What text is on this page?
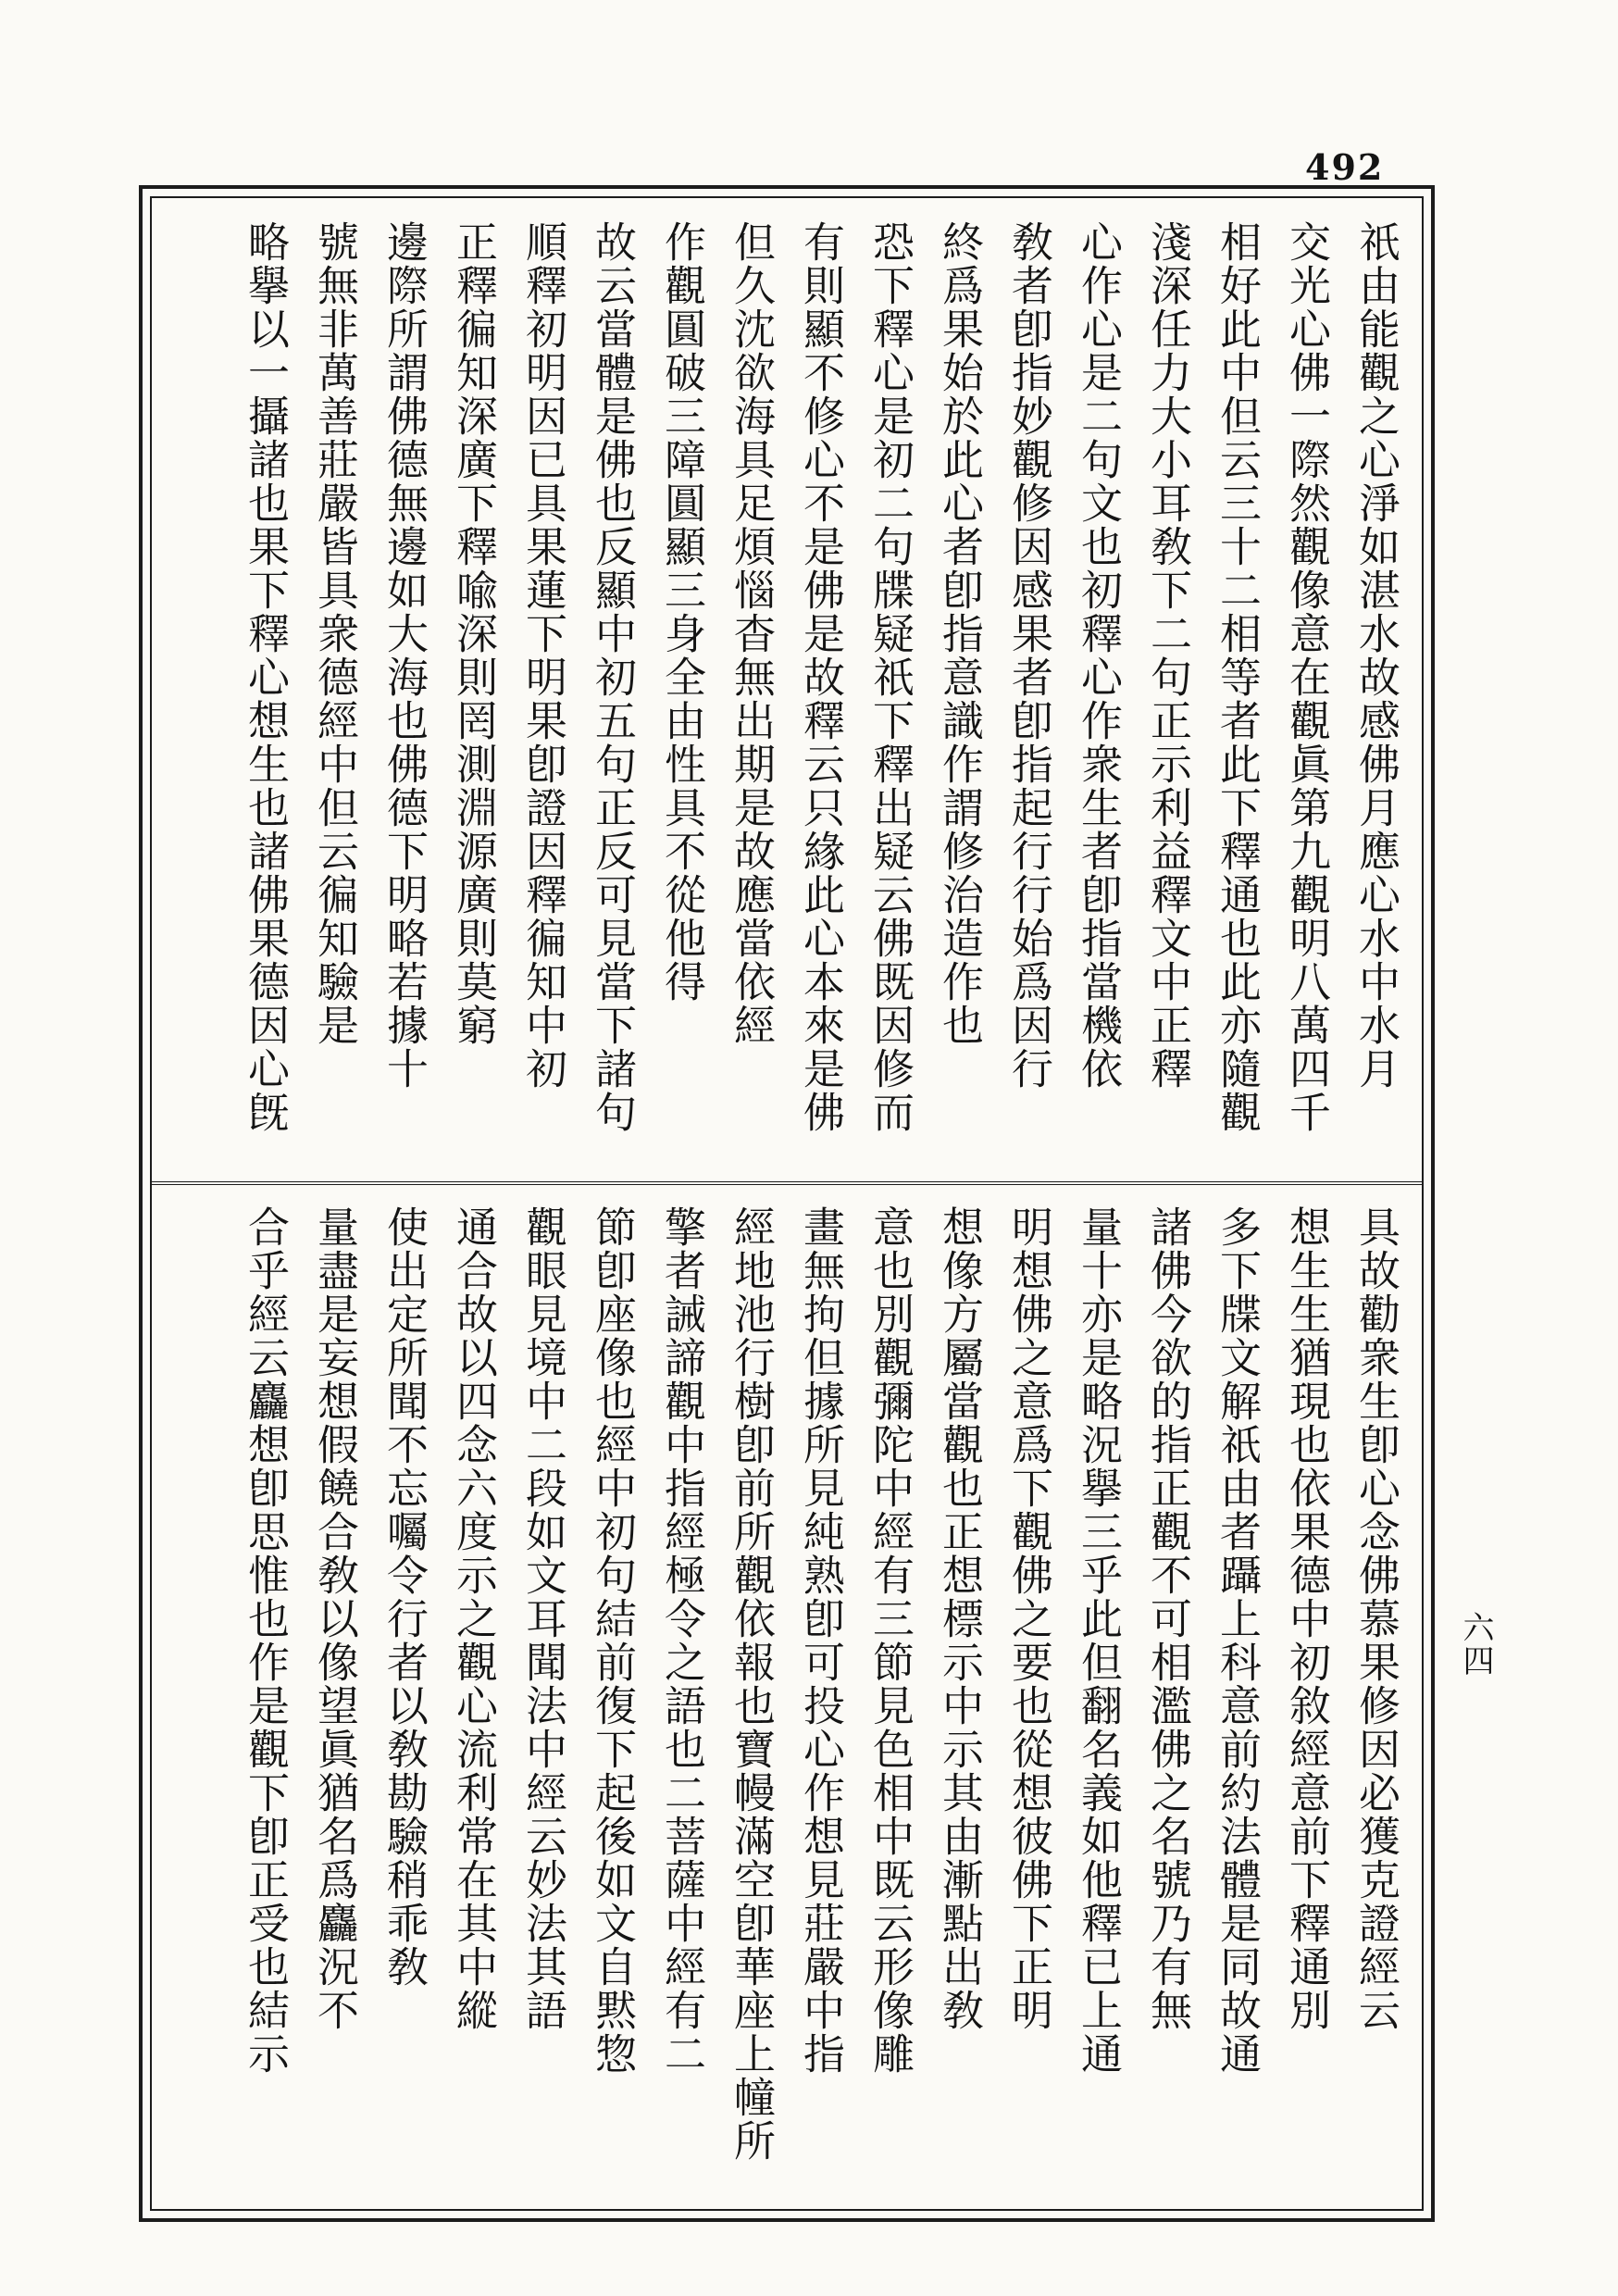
492
祇由能觀之心淨如湛水故感佛月應心水中水月
交光心佛一際然觀像意在觀眞第九觀明八萬四千
相好此中但云三十二相等者此下釋通也此亦隨觀
淺深任力大小耳敎下二句正示利益釋文中正釋
心作心是二句文也初釋心作衆生者卽指當機依
敎者卽指妙觀修因感果者卽指起行行始爲因行
終爲果始於此心者卽指意識作謂修治造作也
恐下釋心是初二句牒疑祇下釋出疑云佛既因修而
有則顯不修心不是佛是故釋云只緣此心本來是佛
但久沈欲海具足煩惱杳無出期是故應當依經
作觀圓破三障圓顯三身全由性具不從他得
故云當體是佛也反顯中初五句正反可見當下諸句
順釋初明因已具果蓮下明果卽證因釋徧知中初
正釋徧知深廣下釋喩深則罔測淵源廣則莫窮
邊際所謂佛德無邊如大海也佛德下明略若據十
號無非萬善莊嚴皆具衆德經中但云徧知驗是
略擧以一攝諸也果下釋心想生也諸佛果德因心旣
具故勸衆生卽心念佛慕果修因必獲克證經云
想生生猶現也依果德中初敘經意前下釋通別
多下牒文解祇由者躡上科意前約法體是同故通
諸佛今欲的指正觀不可相濫佛之名號乃有無
量十亦是略況擧三乎此但翻名義如他釋已上通
明想佛之意爲下觀佛之要也從想彼佛下正明
想像方屬當觀也正想標示中示其由漸點出敎
意也別觀彌陀中經有三節見色相中既云形像雕
畫無拘但據所見純熟卽可投心作想見莊嚴中指
經地池行樹卽前所觀依報也寶幔滿空卽華座上幢所
擎者誡諦觀中指經極令之語也二菩薩中經有二
節卽座像也經中初句結前復下起後如文自黙惣
觀眼見境中二段如文耳聞法中經云妙法其語
通合故以四念六度示之觀心流利常在其中縱
使出定所聞不忘囑令行者以敎勘驗稍乖敎
量盡是妄想假饒合敎以像望眞猶名爲麤況不
合乎經云麤想卽思惟也作是觀下卽正受也結示	六四
